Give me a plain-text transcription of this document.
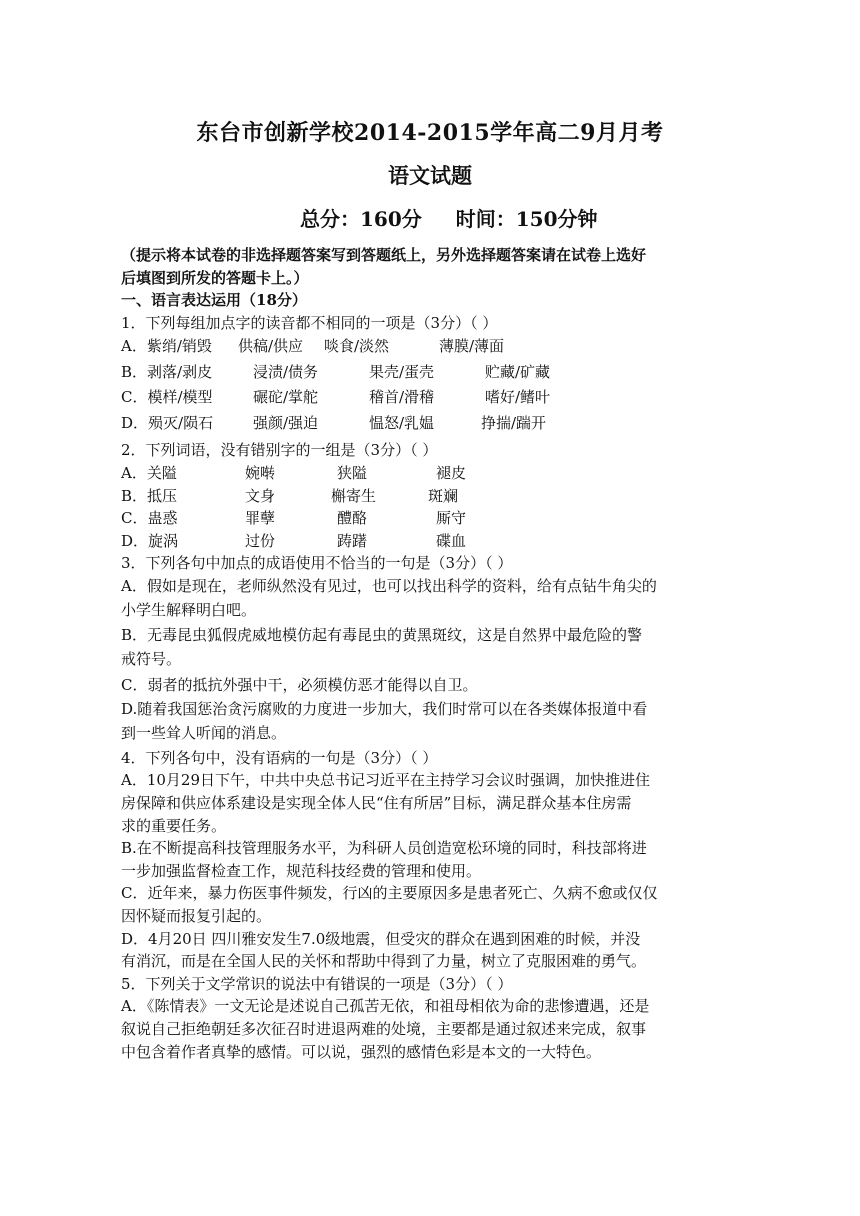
东台市创新学校2014-2015学年高二9月月考
语文试题
总分：160分 时间：150分钟
（提示将本试卷的非选择题答案写到答题纸上，另外选择题答案请在试卷上选好
后填图到所发的答题卡上。）
一、语言表达运用（18分）
1．下列每组加点字的读音都不相同的一项是（3分）（ ）
A．紫绡/销毁 供稿/供应 啖食/淡然	薄膜/薄面
B．剥落/剥皮	浸渍/债务	果壳/蛋壳	贮藏/矿藏
C．模样/模型	碾砣/掌舵	稽首/滑稽	嗜好/鳍叶
D．殒灭/陨石	强颜/强迫	愠怒/乳媪	挣揣/踹开
2．下列词语，没有错别字的一组是（3分）（ ）
A．关隘	婉啭	狭隘	褪皮
B．抵压	文身	槲寄生	斑斓
C．蛊惑	罪孽	醴酪	厮守
D．旋涡	过份	踌躇	碟血
3．下列各句中加点的成语使用不恰当的一句是（3分）（ ）
A．假如是现在，老师纵然没有见过，也可以找出科学的资料，给有点钻牛角尖的
小学生解释明白吧。
B．无毒昆虫狐假虎威地模仿起有毒昆虫的黄黑斑纹，这是自然界中最危险的警
戒符号。
C．弱者的抵抗外强中干，必须模仿恶才能得以自卫。
D.随着我国惩治贪污腐败的力度进一步加大，我们时常可以在各类媒体报道中看
到一些耸人听闻的消息。
4．下列各句中，没有语病的一句是（3分）（ ）
A．10月29日下午，中共中央总书记习近平在主持学习会议时强调，加快推进住
房保障和供应体系建设是实现全体人民“住有所居”目标，满足群众基本住房需
求的重要任务。
B.在不断提高科技管理服务水平，为科研人员创造宽松环境的同时，科技部将进
一步加强监督检查工作，规范科技经费的管理和使用。
C．近年来，暴力伤医事件频发，行凶的主要原因多是患者死亡、久病不愈或仅仅
因怀疑而报复引起的。
D．4月20日 四川雅安发生7.0级地震，但受灾的群众在遇到困难的时候，并没
有消沉，而是在全国人民的关怀和帮助中得到了力量，树立了克服困难的勇气。
5．下列关于文学常识的说法中有错误的一项是（3分）（ ）
A．《陈情表》一文无论是述说自己孤苦无依，和祖母相依为命的悲惨遭遇，还是
叙说自己拒绝朝廷多次征召时进退两难的处境，主要都是通过叙述来完成，叙事
中包含着作者真挚的感情。可以说，强烈的感情色彩是本文的一大特色。
